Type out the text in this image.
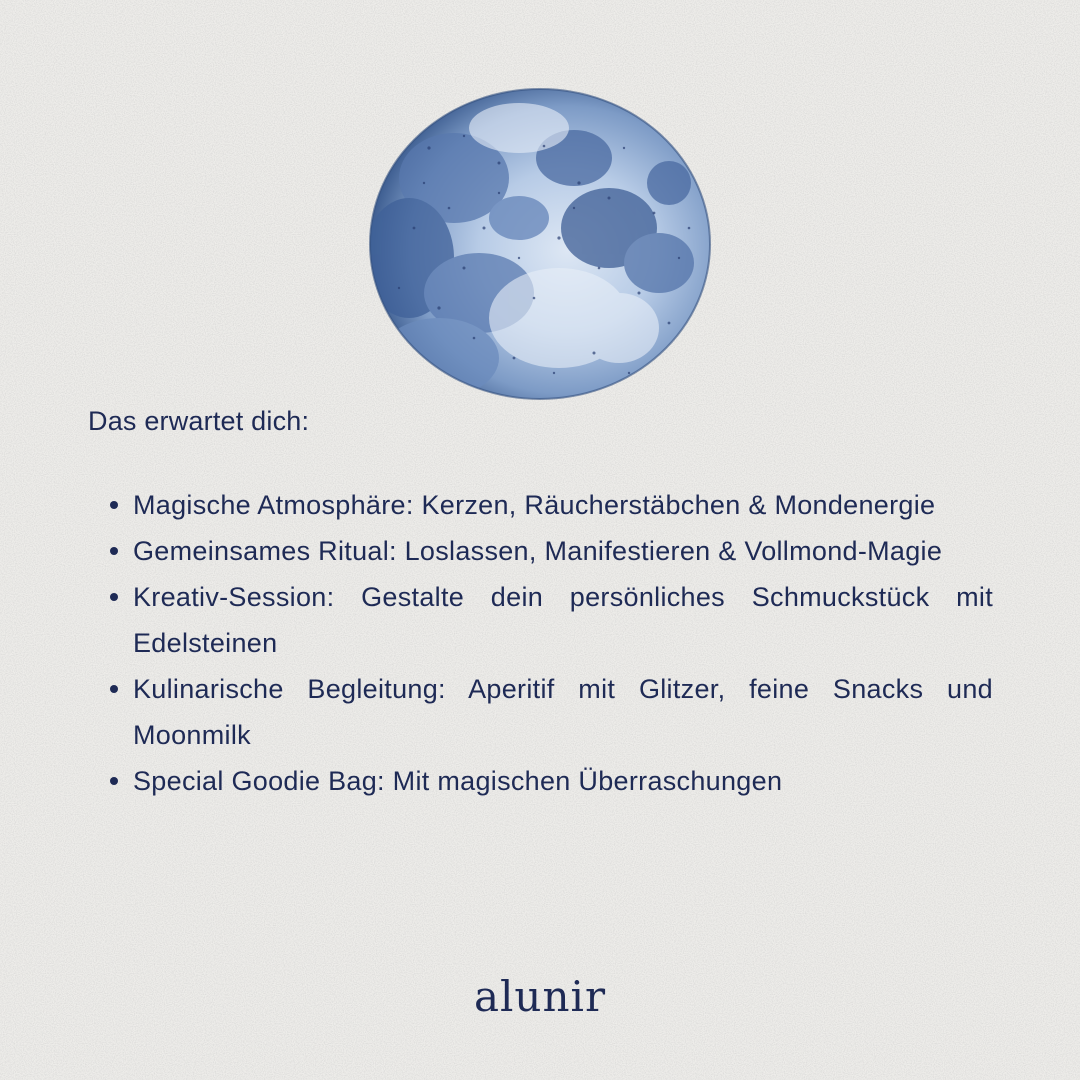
Das erwartet dich:

Magische Atmosphäre: Kerzen, Räucherstäbchen & Mondenergie
Gemeinsames Ritual: Loslassen, Manifestieren & Vollmond-Magie
Kreativ-Session: Gestalte dein persönliches Schmuckstück mit Edelsteinen
Kulinarische Begleitung: Aperitif mit Glitzer, feine Snacks und Moonmilk
Special Goodie Bag: Mit magischen Überraschungen
alunir
